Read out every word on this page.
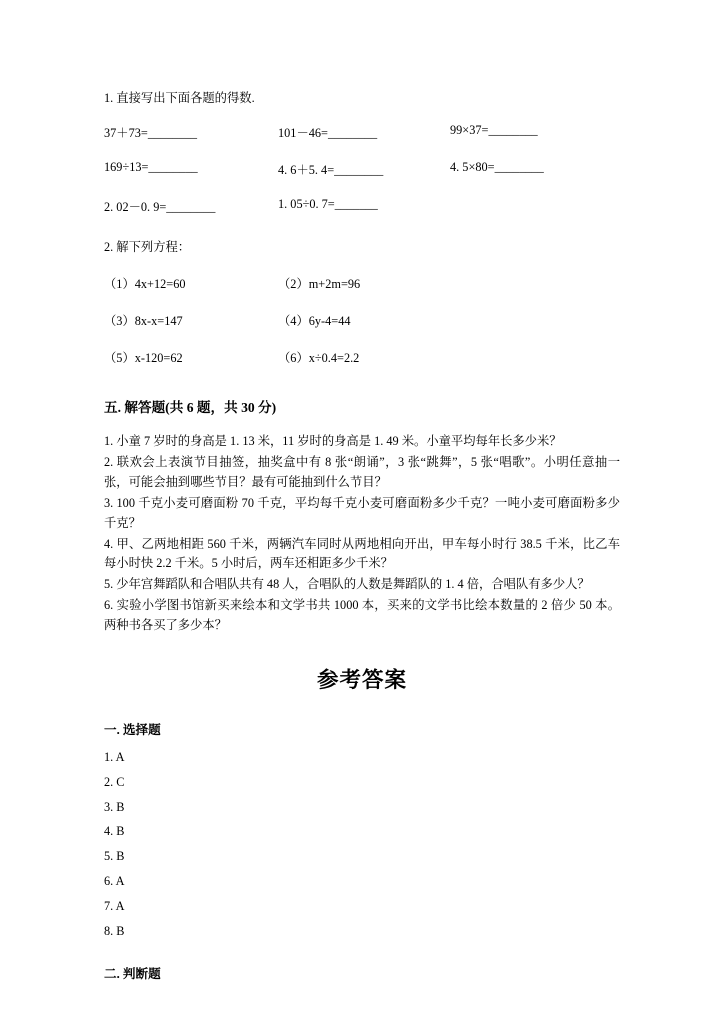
1. 直接写出下面各题的得数.
37＋73=________	101－46=________	99×37=________
169÷13=________	4. 6＋5. 4=________	4. 5×80=________
2. 02－0. 9=________	1. 05÷0. 7=_______
2. 解下列方程：
（1）4x+12=60	（2）m+2m=96
（3）8x-x=147	（4）6y-4=44
（5）x-120=62	（6）x÷0.4=2.2
五. 解答题(共 6 题，共 30 分)
1. 小童 7 岁时的身高是 1. 13 米，11 岁时的身高是 1. 49 米。小童平均每年长多少米？
2. 联欢会上表演节目抽签，抽奖盒中有 8 张“朗诵”，3 张“跳舞”，5 张“唱歌”。小明任意抽一张，可能会抽到哪些节目？最有可能抽到什么节目？
3. 100 千克小麦可磨面粉 70 千克，平均每千克小麦可磨面粉多少千克？一吨小麦可磨面粉多少千克？
4. 甲、乙两地相距 560 千米，两辆汽车同时从两地相向开出，甲车每小时行 38.5 千米，比乙车每小时快 2.2 千米。5 小时后，两车还相距多少千米？
5. 少年宫舞蹈队和合唱队共有 48 人，合唱队的人数是舞蹈队的 1. 4 倍，合唱队有多少人？
6. 实验小学图书馆新买来绘本和文学书共 1000 本，买来的文学书比绘本数量的 2 倍少 50 本。两种书各买了多少本？
参考答案
一. 选择题
1. A
2. C
3. B
4. B
5. B
6. A
7. A
8. B
二. 判断题
